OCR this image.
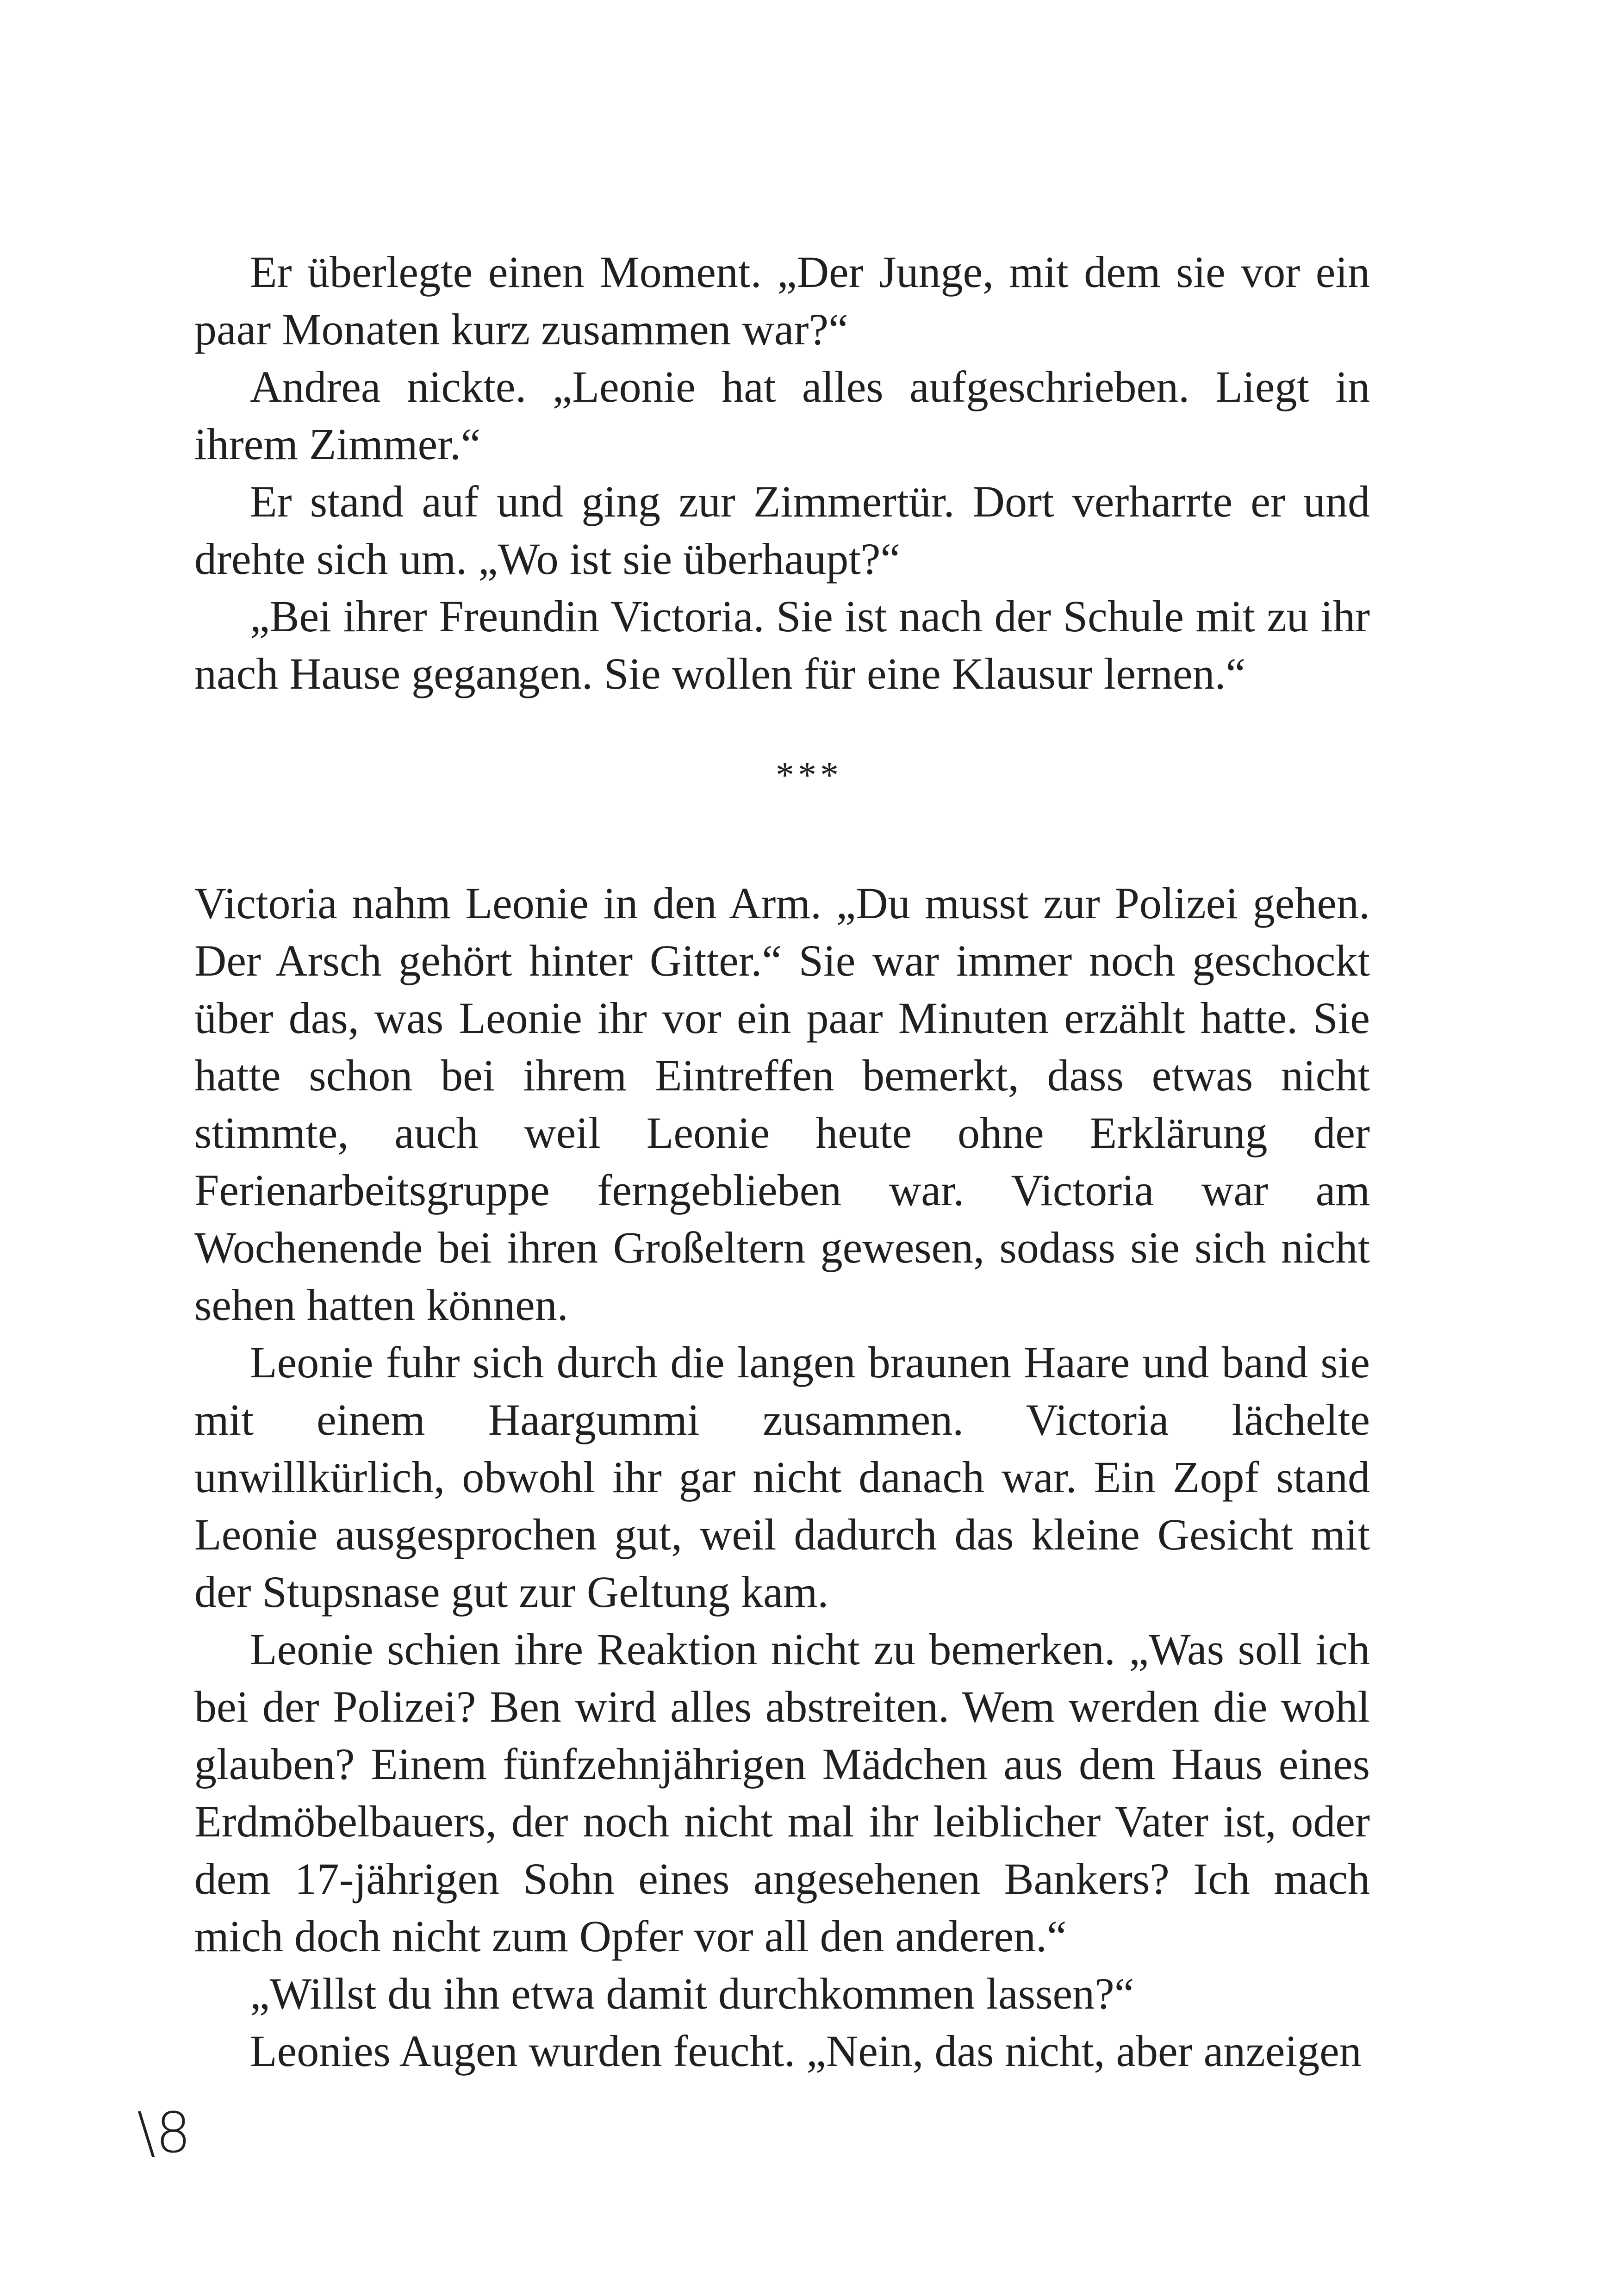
Er überlegte einen Moment. „Der Junge, mit dem sie vor ein paar Monaten kurz zusammen war?“

Andrea nickte. „Leonie hat alles aufgeschrieben. Liegt in ihrem Zimmer.“

Er stand auf und ging zur Zimmertür. Dort verharrte er und drehte sich um. „Wo ist sie überhaupt?“

„Bei ihrer Freundin Victoria. Sie ist nach der Schule mit zu ihr nach Hause gegangen. Sie wollen für eine Klausur lernen.“

***

Victoria nahm Leonie in den Arm. „Du musst zur Polizei gehen. Der Arsch gehört hinter Gitter.“ Sie war immer noch geschockt über das, was Leonie ihr vor ein paar Minuten erzählt hatte. Sie hatte schon bei ihrem Eintreffen bemerkt, dass etwas nicht stimmte, auch weil Leonie heute ohne Erklärung der Ferienarbeitsgruppe ferngeblieben war. Victoria war am Wochenende bei ihren Großeltern gewesen, sodass sie sich nicht sehen hatten können.

Leonie fuhr sich durch die langen braunen Haare und band sie mit einem Haargummi zusammen. Victoria lächelte unwillkürlich, obwohl ihr gar nicht danach war. Ein Zopf stand Leonie ausgesprochen gut, weil dadurch das kleine Gesicht mit der Stupsnase gut zur Geltung kam.

Leonie schien ihre Reaktion nicht zu bemerken. „Was soll ich bei der Polizei? Ben wird alles abstreiten. Wem werden die wohl glauben? Einem fünfzehnjährigen Mädchen aus dem Haus eines Erdmöbelbauers, der noch nicht mal ihr leiblicher Vater ist, oder dem 17-jährigen Sohn eines angesehenen Bankers? Ich mach mich doch nicht zum Opfer vor all den anderen.“

„Willst du ihn etwa damit durchkommen lassen?“

Leonies Augen wurden feucht. „Nein, das nicht, aber anzeigen

\8
